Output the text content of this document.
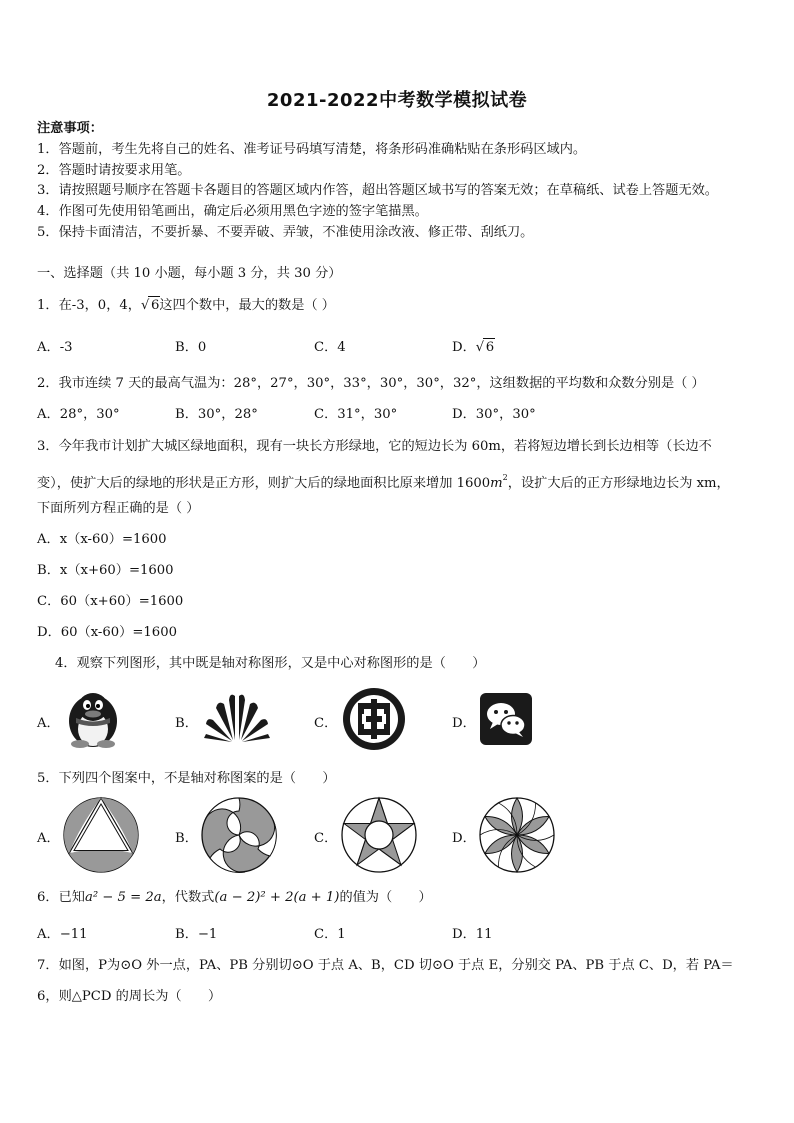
2021-2022中考数学模拟试卷
注意事项：
1．答题前，考生先将自己的姓名、准考证号码填写清楚，将条形码准确粘贴在条形码区域内。
2．答题时请按要求用笔。
3．请按照题号顺序在答题卡各题目的答题区域内作答，超出答题区域书写的答案无效；在草稿纸、试卷上答题无效。
4．作图可先使用铅笔画出，确定后必须用黑色字迹的签字笔描黑。
5．保持卡面清洁，不要折暴、不要弄破、弄皱，不准使用涂改液、修正带、刮纸刀。
一、选择题（共 10 小题，每小题 3 分，共 30 分）
1．在-3，0，4， √ 6这四个数中，最大的数是（ ）
A．-3	B．0	C．4	D． √ 6
2．我市连续 7 天的最高气温为：28°，27°，30°，33°，30°，30°，32°，这组数据的平均数和众数分别是（ ）
A．28°，30°	B．30°，28°	C．31°，30°	D．30°，30°
3．今年我市计划扩大城区绿地面积，现有一块长方形绿地，它的短边长为 60m，若将短边增长到长边相等（长边不
变），使扩大后的绿地的形状是正方形，则扩大后的绿地面积比原来增加 $1600m^2$，设扩大后的正方形绿地边长为 xm，
下面所列方程正确的是（ ）
A．x（x-60）=1600
B．x（x+60）=1600
C．60（x+60）=1600
D．60（x-60）=1600
4．观察下列图形，其中既是轴对称图形，又是中心对称图形的是（　　）
A．	B．	C．	D．
5．下列四个图案中，不是轴对称图案的是（　　）
A．	B．	C．	D．
6．已知a² − 5 = 2a，代数式(a − 2)² + 2(a + 1)的值为（　　）
A．−11	B．−1	C．1	D．11
7．如图，P为⊙O 外一点，PA、PB 分别切⊙O 于点 A、B，CD 切⊙O 于点 E，分别交 PA、PB 于点 C、D，若 PA＝
6，则△PCD 的周长为（　　）
